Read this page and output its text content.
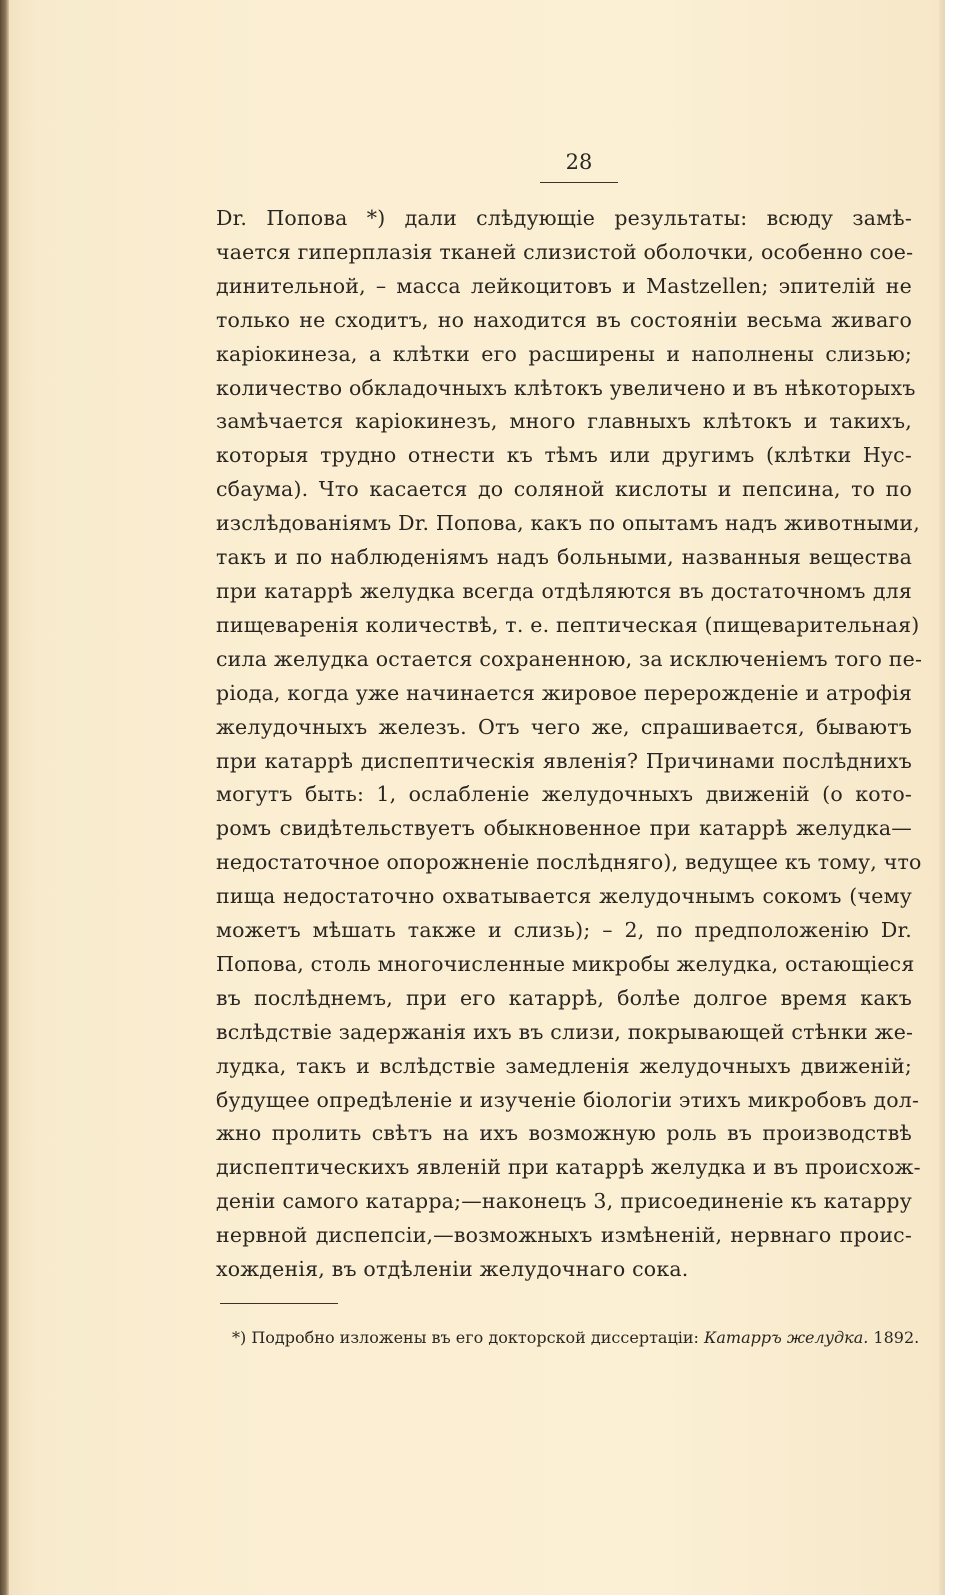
28
Dr. Попова *) дали слѣдующіе результаты: всюду замѣ-
чается гиперплазія тканей слизистой оболочки, особенно сое-
динительной, – масса лейкоцитовъ и Mastzellen; эпителій не
только не сходитъ, но находится въ состояніи весьма живаго
каріокинеза, а клѣтки его расширены и наполнены слизью;
количество обкладочныхъ клѣтокъ увеличено и въ нѣкоторыхъ
замѣчается каріокинезъ, много главныхъ клѣтокъ и такихъ,
которыя трудно отнести къ тѣмъ или другимъ (клѣтки Нус-
сбаума). Что касается до соляной кислоты и пепсина, то по
изслѣдованіямъ Dr. Попова, какъ по опытамъ надъ животными,
такъ и по наблюденіямъ надъ больными, названныя вещества
при катаррѣ желудка всегда отдѣляются въ достаточномъ для
пищеваренія количествѣ, т. е. пептическая (пищеварительная)
сила желудка остается сохраненною, за исключеніемъ того пе-
ріода, когда уже начинается жировое перерожденіе и атрофія
желудочныхъ железъ. Отъ чего же, спрашивается, бываютъ
при катаррѣ диспептическія явленія? Причинами послѣднихъ
могутъ быть: 1, ослабленіе желудочныхъ движеній (о кото-
ромъ свидѣтельствуетъ обыкновенное при катаррѣ желудка—
недостаточное опорожненіе послѣдняго), ведущее къ тому, что
пища недостаточно охватывается желудочнымъ сокомъ (чему
можетъ мѣшать также и слизь); – 2, по предположенію Dr.
Попова, столь многочисленные микробы желудка, остающіеся
въ послѣднемъ, при его катаррѣ, болѣе долгое время какъ
вслѣдствіе задержанія ихъ въ слизи, покрывающей стѣнки же-
лудка, такъ и вслѣдствіе замедленія желудочныхъ движеній;
будущее опредѣленіе и изученіе біологіи этихъ микробовъ дол-
жно пролить свѣтъ на ихъ возможную роль въ производствѣ
диспептическихъ явленій при катаррѣ желудка и въ происхож-
деніи самого катарра;—наконецъ 3, присоединеніе къ катарру
нервной диспепсіи,—возможныхъ измѣненій, нервнаго проис-
хожденія, въ отдѣленіи желудочнаго сока.
*) Подробно изложены въ его докторской диссертаціи: Катарръ желудка. 1892.
